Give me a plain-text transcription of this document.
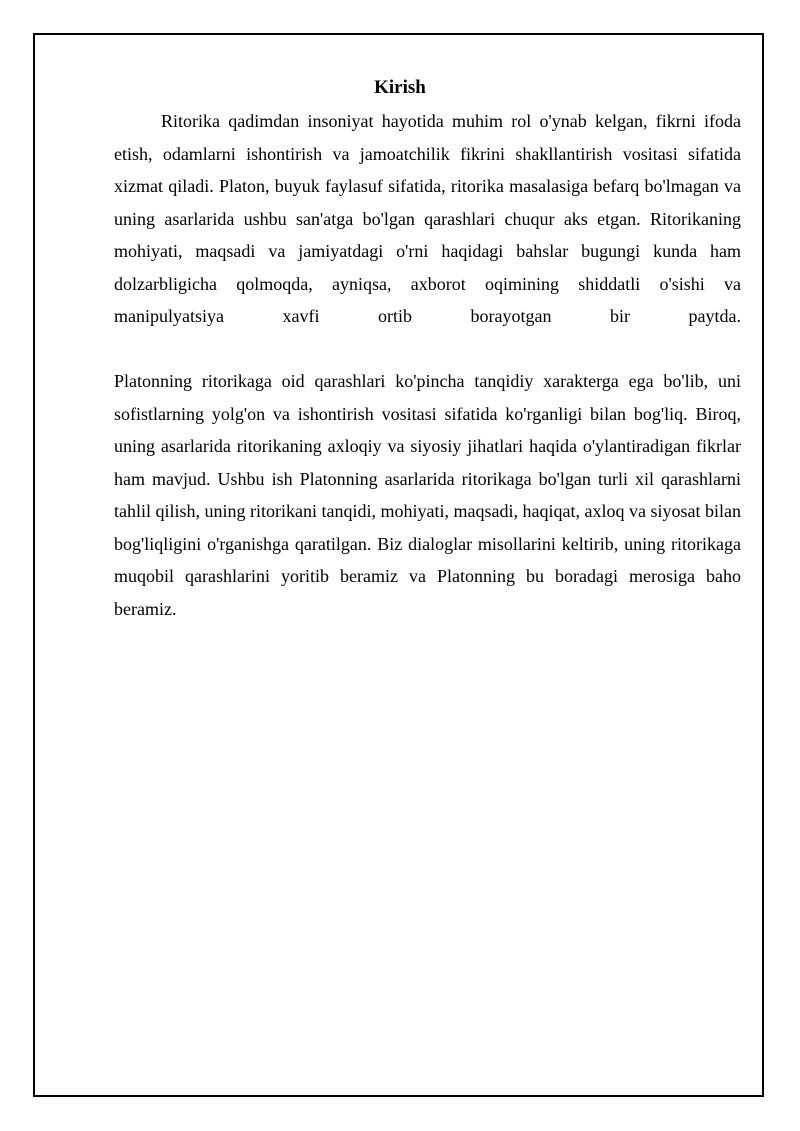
Kirish

Ritorika qadimdan insoniyat hayotida muhim rol o'ynab kelgan, fikrni ifoda etish, odamlarni ishontirish va jamoatchilik fikrini shakllantirish vositasi sifatida xizmat qiladi. Platon, buyuk faylasuf sifatida, ritorika masalasiga befarq bo'lmagan va uning asarlarida ushbu san'atga bo'lgan qarashlari chuqur aks etgan. Ritorikaning mohiyati, maqsadi va jamiyatdagi o'rni haqidagi bahslar bugungi kunda ham dolzarbligicha qolmoqda, ayniqsa, axborot oqimining shiddatli o'sishi va manipulyatsiya xavfi ortib borayotgan bir paytda.

Platonning ritorikaga oid qarashlari ko'pincha tanqidiy xarakterga ega bo'lib, uni sofistlarning yolg'on va ishontirish vositasi sifatida ko'rganligi bilan bog'liq. Biroq, uning asarlarida ritorikaning axloqiy va siyosiy jihatlari haqida o'ylantiradigan fikrlar ham mavjud. Ushbu ish Platonning asarlarida ritorikaga bo'lgan turli xil qarashlarni tahlil qilish, uning ritorikani tanqidi, mohiyati, maqsadi, haqiqat, axloq va siyosat bilan bog'liqligini o'rganishga qaratilgan. Biz dialoglar misollarini keltirib, uning ritorikaga muqobil qarashlarini yoritib beramiz va Platonning bu boradagi merosiga baho beramiz.
